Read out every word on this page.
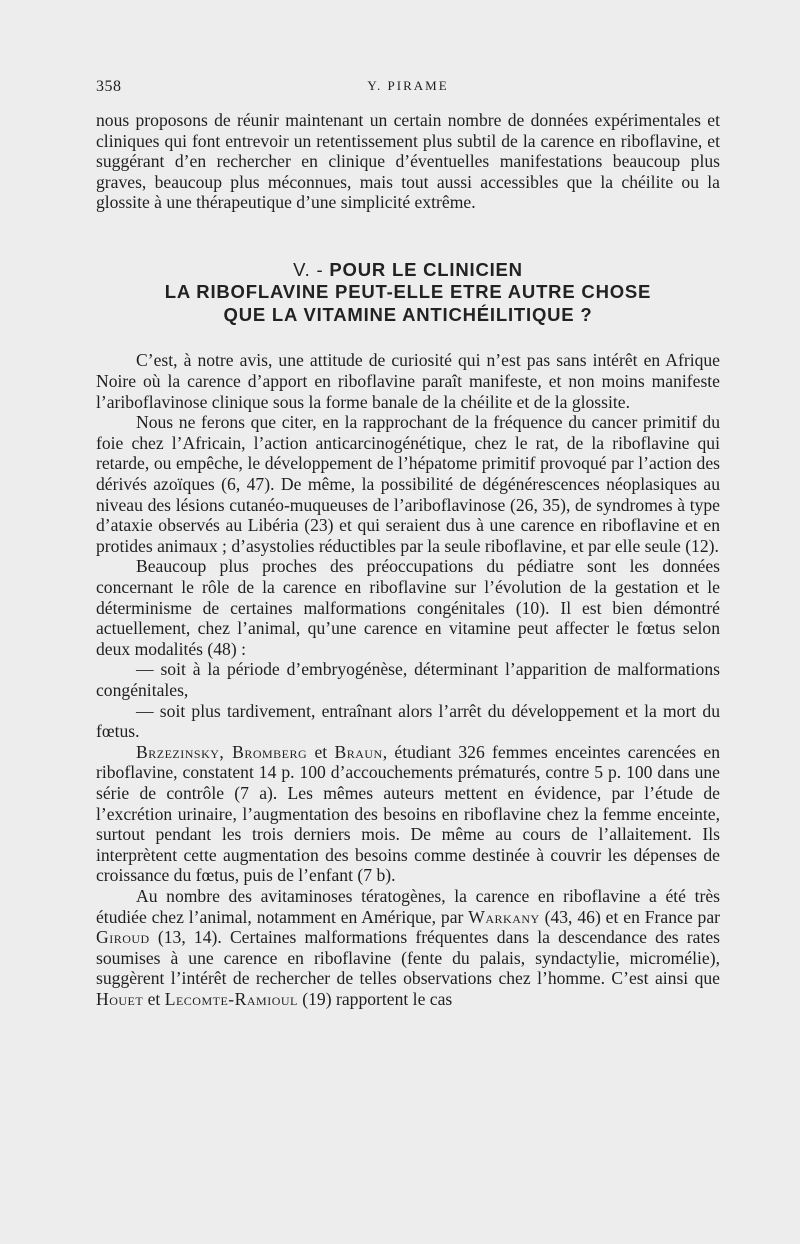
358	Y. PIRAME

nous proposons de réunir maintenant un certain nombre de données expérimentales et cliniques qui font entrevoir un retentissement plus subtil de la carence en riboflavine, et suggérant d’en rechercher en clinique d’éventuelles manifestations beaucoup plus graves, beaucoup plus méconnues, mais tout aussi accessibles que la chéilite ou la glossite à une thérapeutique d’une simplicité extrême.

V. - POUR LE CLINICIEN
LA RIBOFLAVINE PEUT-ELLE ETRE AUTRE CHOSE
QUE LA VITAMINE ANTICHÉILITIQUE ?

C’est, à notre avis, une attitude de curiosité qui n’est pas sans intérêt en Afrique Noire où la carence d’apport en riboflavine paraît manifeste, et non moins manifeste l’ariboflavinose clinique sous la forme banale de la chéilite et de la glossite.

Nous ne ferons que citer, en la rapprochant de la fréquence du cancer primitif du foie chez l’Africain, l’action anticarcinogénétique, chez le rat, de la riboflavine qui retarde, ou empêche, le développement de l’hépatome primitif provoqué par l’action des dérivés azoïques (6, 47). De même, la possibilité de dégénérescences néoplasiques au niveau des lésions cutanéo-muqueuses de l’ariboflavinose (26, 35), de syndromes à type d’ataxie observés au Libéria (23) et qui seraient dus à une carence en riboflavine et en protides animaux ; d’asystolies réductibles par la seule riboflavine, et par elle seule (12).

Beaucoup plus proches des préoccupations du pédiatre sont les données concernant le rôle de la carence en riboflavine sur l’évolution de la gestation et le déterminisme de certaines malformations congénitales (10). Il est bien démontré actuellement, chez l’animal, qu’une carence en vitamine peut affecter le fœtus selon deux modalités (48) :

— soit à la période d’embryogénèse, déterminant l’apparition de malformations congénitales,

— soit plus tardivement, entraînant alors l’arrêt du développement et la mort du fœtus.

Brzezinsky, Bromberg et Braun, étudiant 326 femmes enceintes carencées en riboflavine, constatent 14 p. 100 d’accouchements prématurés, contre 5 p. 100 dans une série de contrôle (7 a). Les mêmes auteurs mettent en évidence, par l’étude de l’excrétion urinaire, l’augmentation des besoins en riboflavine chez la femme enceinte, surtout pendant les trois derniers mois. De même au cours de l’allaitement. Ils interprètent cette augmentation des besoins comme destinée à couvrir les dépenses de croissance du fœtus, puis de l’enfant (7 b).

Au nombre des avitaminoses tératogènes, la carence en riboflavine a été très étudiée chez l’animal, notamment en Amérique, par Warkany (43, 46) et en France par Giroud (13, 14). Certaines malformations fréquentes dans la descendance des rates soumises à une carence en riboflavine (fente du palais, syndactylie, micromélie), suggèrent l’intérêt de rechercher de telles observations chez l’homme. C’est ainsi que Houet et Lecomte-Ramioul (19) rapportent le cas
